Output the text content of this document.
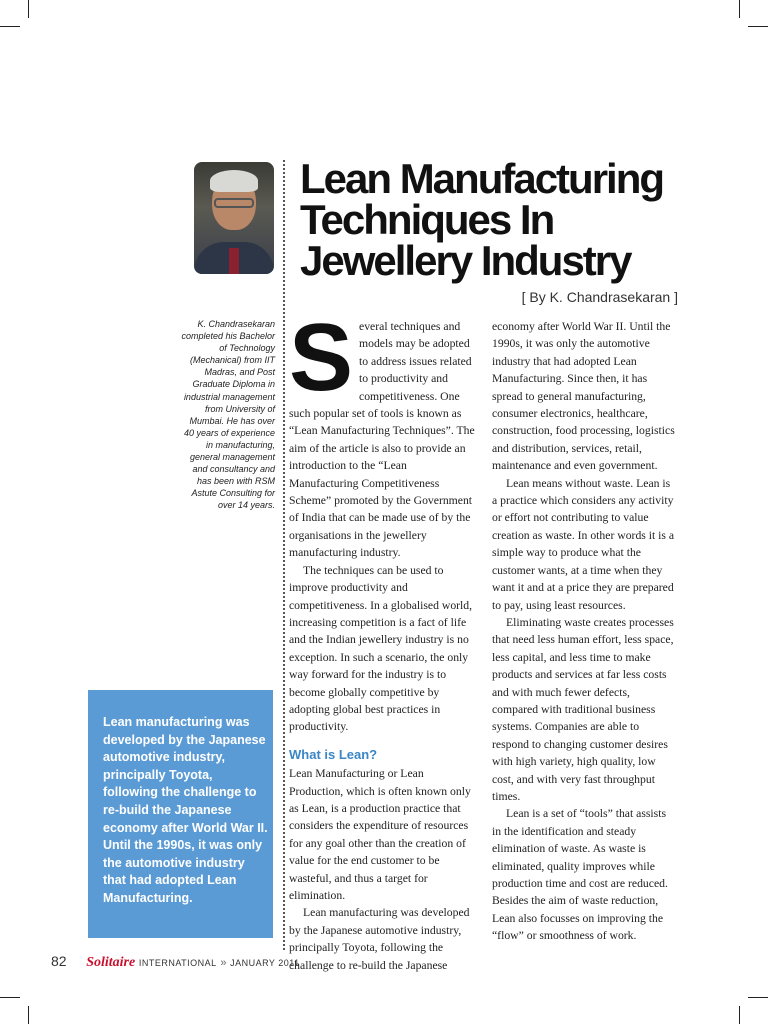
Lean Manufacturing
Techniques In
Jewellery Industry
[ By K. Chandrasekaran ]
K. Chandrasekaran completed his Bachelor of Technology (Mechanical) from IIT Madras, and Post Graduate Diploma in industrial management from University of Mumbai. He has over 40 years of experience in manufacturing, general management and consultancy and has been with RSM Astute Consulting for over 14 years.

S everal techniques and models may be adopted to address issues related to productivity and competitiveness. One such popular set of tools is known as “Lean Manufacturing Techniques”. The aim of the article is also to provide an introduction to the “Lean Manufacturing Competitiveness Scheme” promoted by the Government of India that can be made use of by the organisations in the jewellery manufacturing industry.

The techniques can be used to improve productivity and competitiveness. In a globalised world, increasing competition is a fact of life and the Indian jewellery industry is no exception. In such a scenario, the only way forward for the industry is to become globally competitive by adopting global best practices in productivity.

What is Lean?

Lean Manufacturing or Lean Production, which is often known only as Lean, is a production practice that considers the expenditure of resources for any goal other than the creation of value for the end customer to be wasteful, and thus a target for elimination.

Lean manufacturing was developed by the Japanese automotive industry, principally Toyota, following the challenge to re-build the Japanese

economy after World War II. Until the 1990s, it was only the automotive industry that had adopted Lean Manufacturing. Since then, it has spread to general manufacturing, consumer electronics, healthcare, construction, food processing, logistics and distribution, services, retail, maintenance and even government.

Lean means without waste. Lean is a practice which considers any activity or effort not contributing to value creation as waste. In other words it is a simple way to produce what the customer wants, at a time when they want it and at a price they are prepared to pay, using least resources.

Eliminating waste creates processes that need less human effort, less space, less capital, and less time to make products and services at far less costs and with much fewer defects, compared with traditional business systems. Companies are able to respond to changing customer desires with high variety, high quality, low cost, and with very fast throughput times.

Lean is a set of “tools” that assists in the identification and steady elimination of waste. As waste is eliminated, quality improves while production time and cost are reduced. Besides the aim of waste reduction, Lean also focusses on improving the “flow” or smoothness of work.

Lean manufacturing was developed by the Japanese automotive industry, principally Toyota, following the challenge to re-build the Japanese economy after World War II. Until the 1990s, it was only the automotive industry that had adopted Lean Manufacturing.

82 Solitaire INTERNATIONAL » JANUARY 2011
